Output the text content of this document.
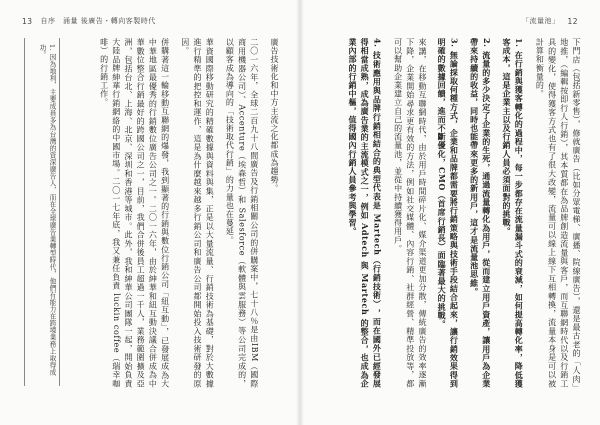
13 自序　涌量 後廣告・轉向客製時代
1. 因為地利，主要成員多為台灣的資深廣告人，而在全球廣告業轉型時代，他們有能力在跨境業務上取得成功。	廣告技術化和中方主流之化都成為趨勢。

二〇一六年，全球二百九十八間廣告及行銷相關公司的併購案中，七十八％是由IBM（國際商用機器公司）、Accenture（埃森哲）和 Salesforce（軟體與雲服務）等公司完成的，以顧客成為導向的「技術取代行銷」的力量也在蔓延。

華資國際移動研究的精確數據與資料與集，正是以大量流量、行銷技術為基礎，對於大數據進行精準的把控和運作，這是為什麼越來越多行銷公司和廣告公司都開始投入技術研發的原因。

併購著這一輪移動互聯網的爆發，我到顯著的行銷與數位行銷公司「紐互動」，已發展成為大中華地區最優秀的行銷數位廣告公司之一。二〇一六年，由於紳華和紐互動決議合併成為中華數位整合行銷最好的跨國公司之一，目前，我們合併後員工超過一千人，業務範圍擴及亞洲，包括台北、上海、北京、深圳和香港等城市。此外，我和紳華公司團隊一起，開始負責大陸品牌紳華行銷網絡的中國市場。二〇一七年底，我又兼任負責 luckin coffee（瑞幸咖啡）的行銷工作。

「流量池」 12

下門店（包括新零售），修就廣告（比如分眾電梯、廣播、院線廣告），還是最古老的「人肉」地推，（編輯按即行人行銷），其本質都在為品牌創造流量與客戶，而互聯網時代以及行銷工具的變化，使得獲客方式也有了很大改變，流量可以線上線下互相轉換，流量本身是可以被計算和衡量的。

1. 在行銷與獲客轉化的過程中，每一步都存在流量漏斗式的衰減，如何提高轉化率，降低獲客成本，這是企業主以及行銷人員必須面對的挑戰。

2. 流量的多少決定了企業的生死，通過流量轉化為用戶，從而建立用戶資產，讓用戶為企業帶來持續的收益，同時也能帶來更多的新用戶，這才是流量池思維。

3. 無論採取何種方式，企業和品牌都需要將行銷策略與技術手段結合起來，讓行銷效果得到明確的數據回饋，進而不斷優化，CMO（首席行銷長）面臨著最大的挑戰。

來講，在移動互聯網時代，由於用戶時間碎片化、媒介渠道更加分散，傳統廣告的效率逐漸下降，企業開始尋求更有效的方法，例如社交媒體、內容行銷、社群經營、精準投放等，都可以幫助企業建立自己的流量池，並從中持續獲得用戶。

4. 技術應用與品牌行銷相結合的典型代表是 Martech（行銷技術），而在國外已經發展得相當成熟，成為廣告業的主流模式之一，例如 Adtech 與 Martech 的整合，也成為企業內部的行銷中樞，值得國內行銷人員參考與學習。
